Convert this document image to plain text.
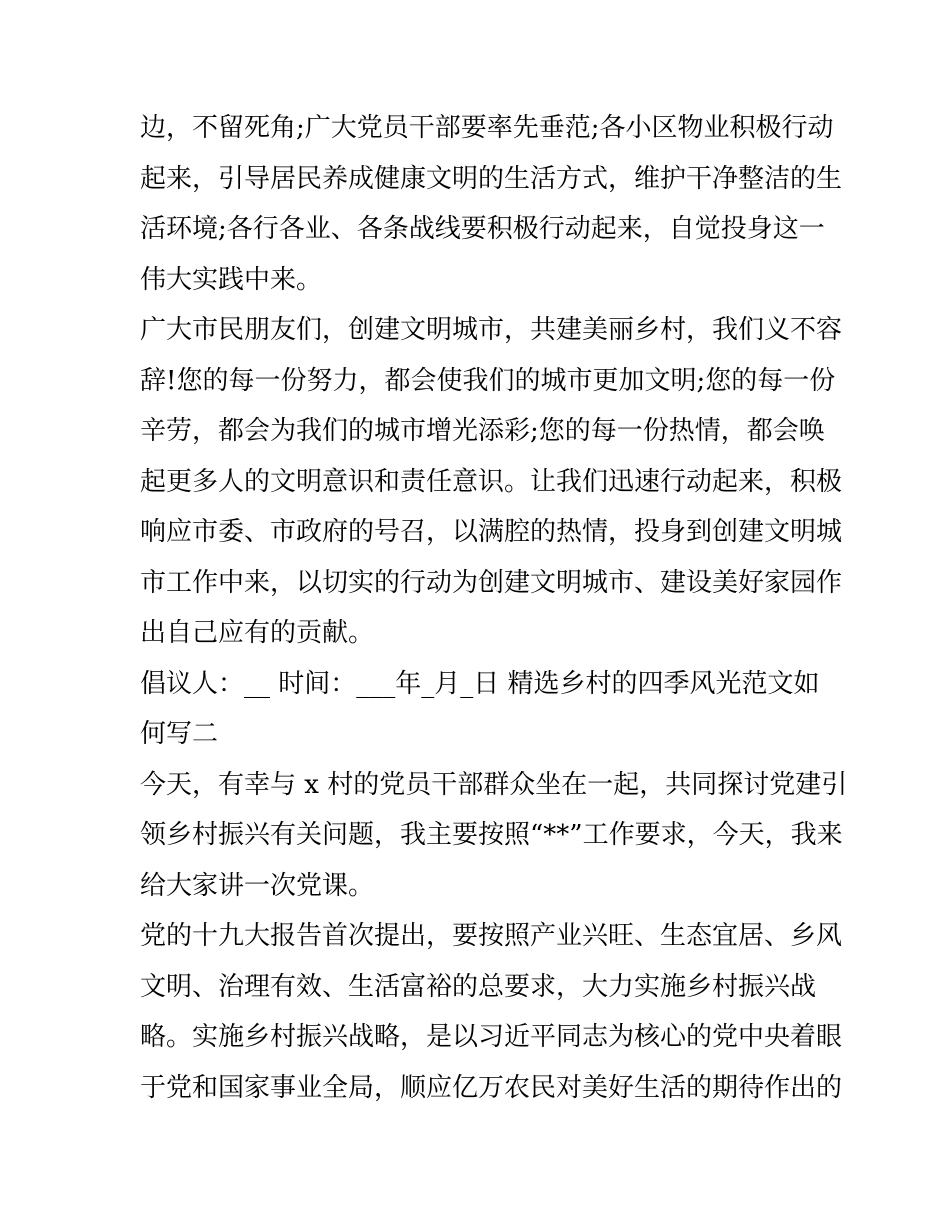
边，不留死角;广大党员干部要率先垂范;各小区物业积极行动
起来，引导居民养成健康文明的生活方式，维护干净整洁的生
活环境;各行各业、各条战线要积极行动起来，自觉投身这一
伟大实践中来。
广大市民朋友们，创建文明城市，共建美丽乡村，我们义不容
辞!您的每一份努力，都会使我们的城市更加文明;您的每一份
辛劳，都会为我们的城市增光添彩;您的每一份热情，都会唤
起更多人的文明意识和责任意识。让我们迅速行动起来，积极
响应市委、市政府的号召，以满腔的热情，投身到创建文明城
市工作中来，以切实的行动为创建文明城市、建设美好家园作
出自己应有的贡献。
倡议人：__ 时间：___年_月_日 精选乡村的四季风光范文如
何写二
今天，有幸与 x 村的党员干部群众坐在一起，共同探讨党建引
领乡村振兴有关问题，我主要按照“**”工作要求，今天，我来
给大家讲一次党课。
党的十九大报告首次提出，要按照产业兴旺、生态宜居、乡风
文明、治理有效、生活富裕的总要求，大力实施乡村振兴战
略。实施乡村振兴战略，是以习近平同志为核心的党中央着眼
于党和国家事业全局，顺应亿万农民对美好生活的期待作出的
